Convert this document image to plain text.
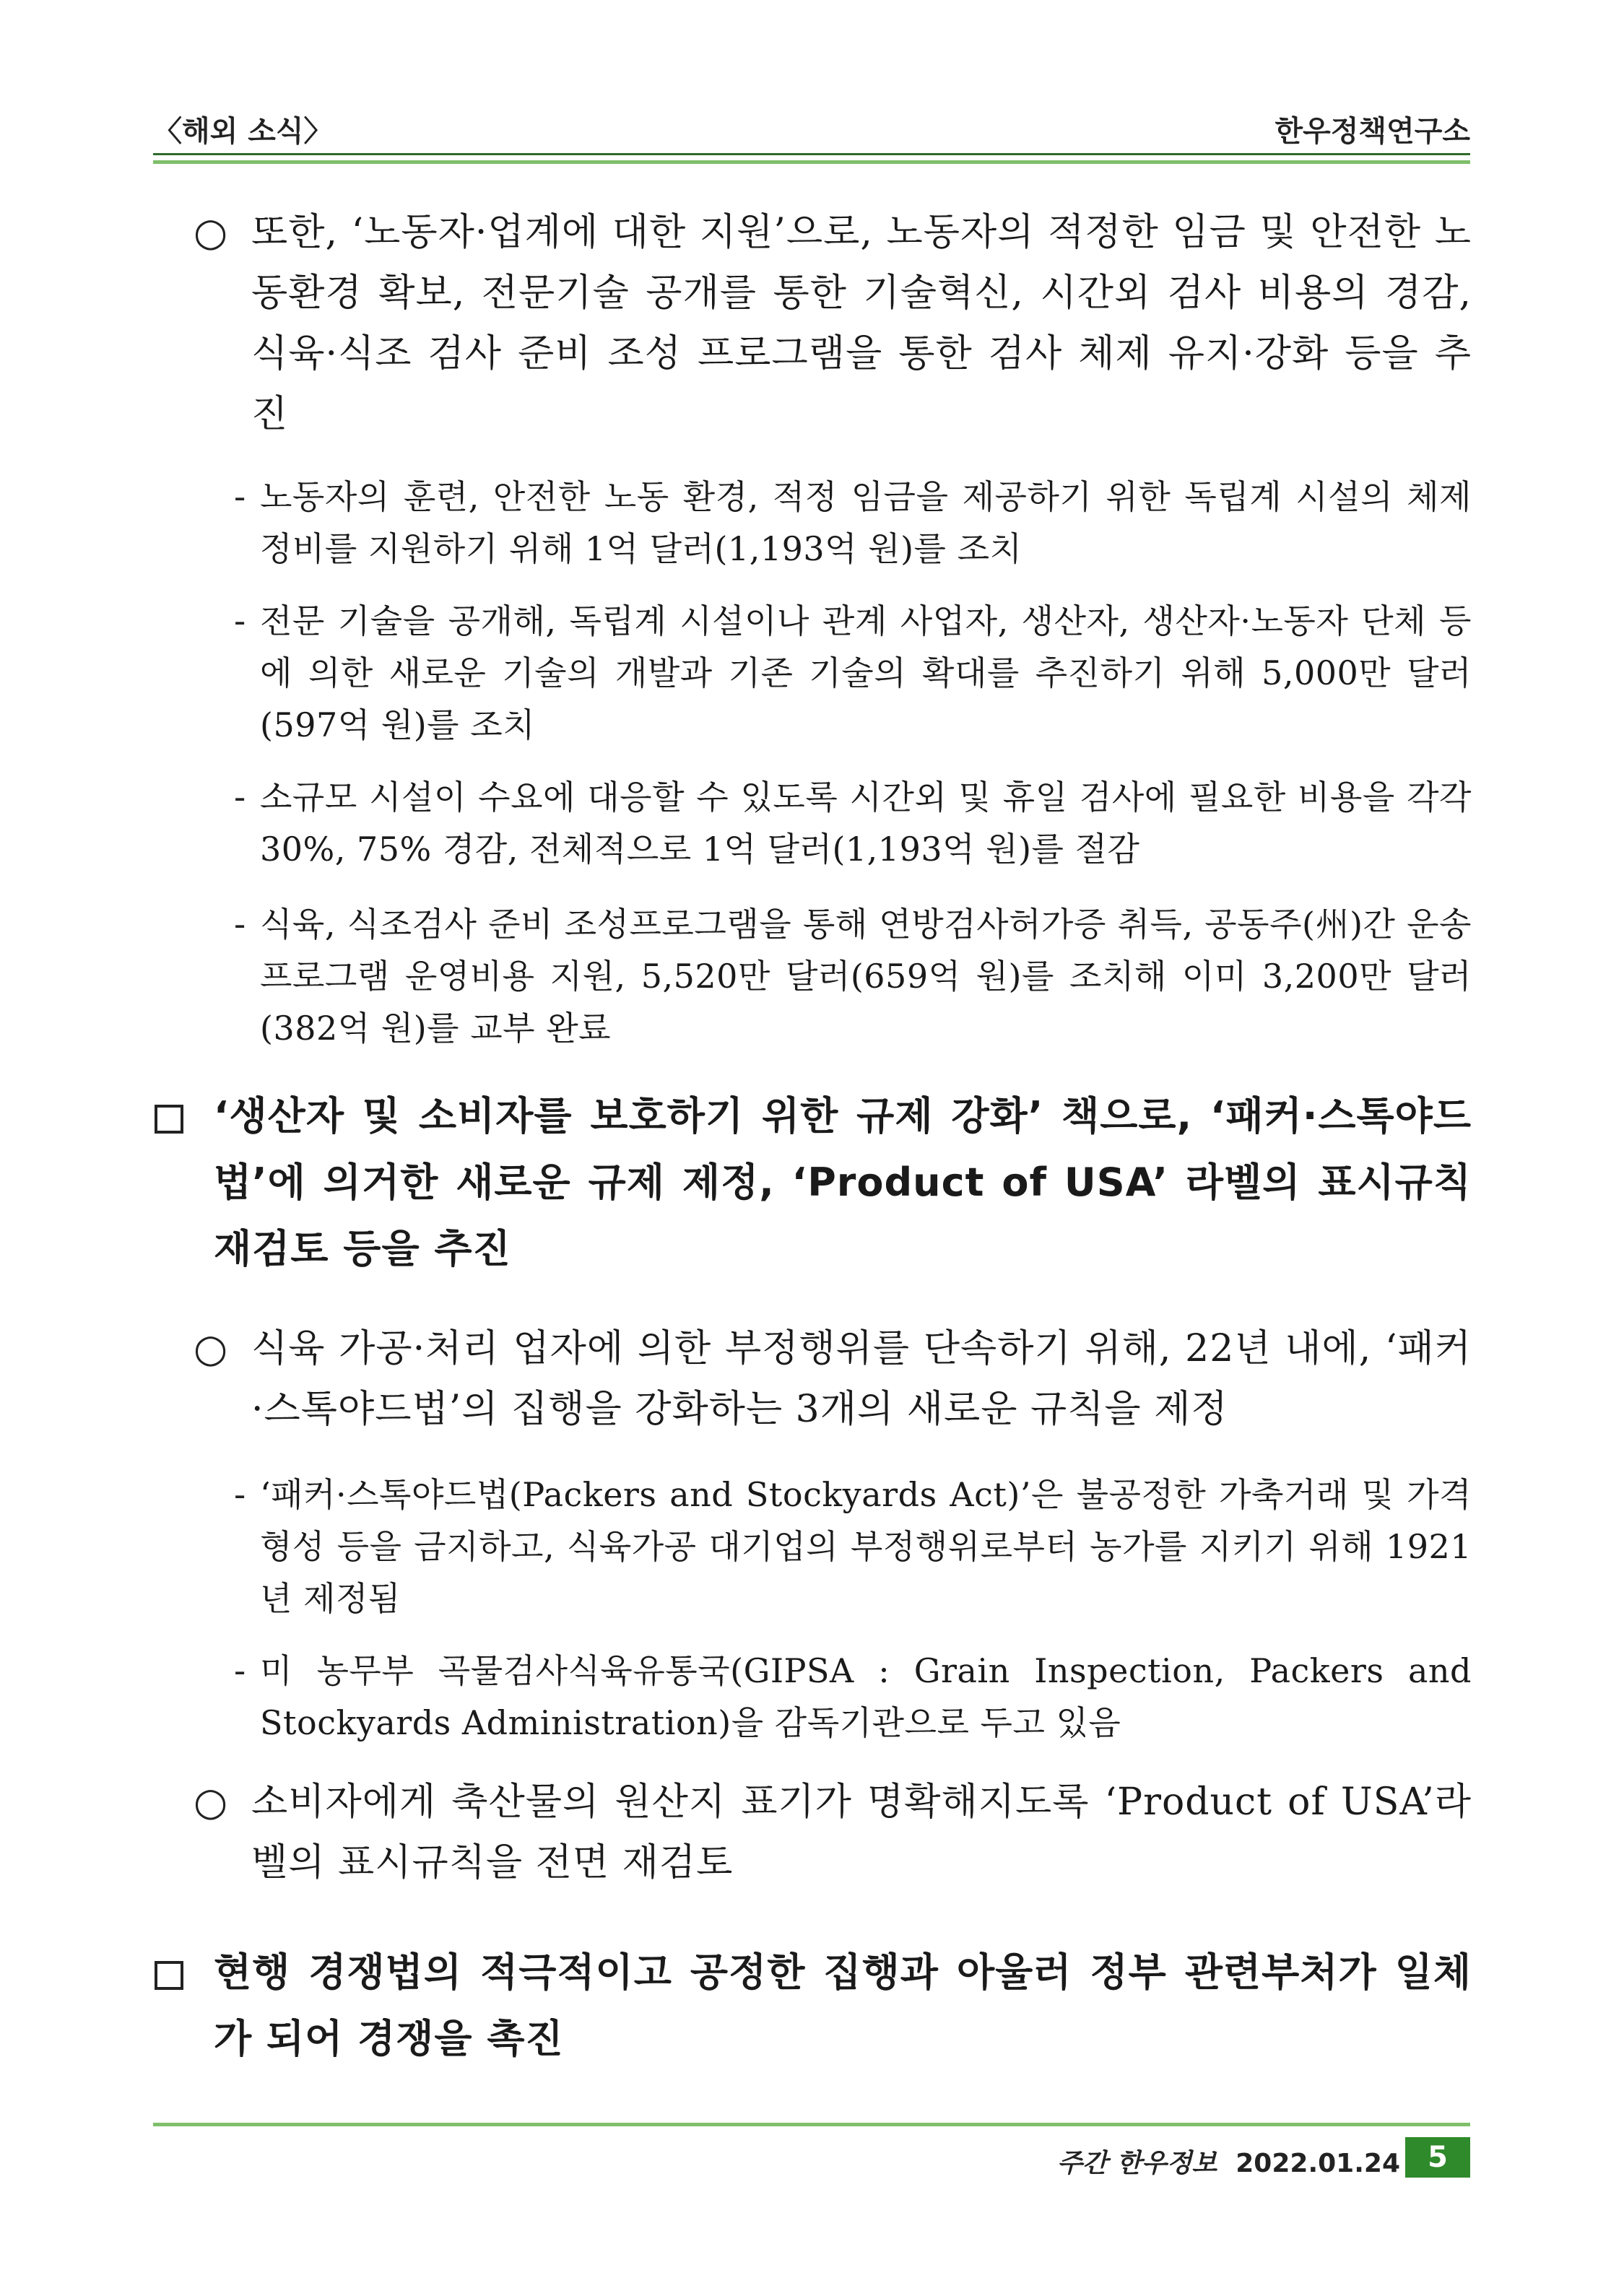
〈해외 소식〉	한우정책연구소
○ 또한, ‘노동자·업계에 대한 지원’으로, 노동자의 적정한 임금 및 안전한 노동환경 확보, 전문기술 공개를 통한 기술혁신, 시간외 검사 비용의 경감, 식육·식조 검사 준비 조성 프로그램을 통한 검사 체제 유지·강화 등을 추진
- 노동자의 훈련, 안전한 노동 환경, 적정 임금을 제공하기 위한 독립계 시설의 체제 정비를 지원하기 위해 1억 달러(1,193억 원)를 조치
- 전문 기술을 공개해, 독립계 시설이나 관계 사업자, 생산자, 생산자·노동자 단체 등에 의한 새로운 기술의 개발과 기존 기술의 확대를 추진하기 위해 5,000만 달러(597억 원)를 조치
- 소규모 시설이 수요에 대응할 수 있도록 시간외 및 휴일 검사에 필요한 비용을 각각 30%, 75% 경감, 전체적으로 1억 달러(1,193억 원)를 절감
- 식육, 식조검사 준비 조성프로그램을 통해 연방검사허가증 취득, 공동주(州)간 운송프로그램 운영비용 지원, 5,520만 달러(659억 원)를 조치해 이미 3,200만 달러(382억 원)를 교부 완료
‘생산자 및 소비자를 보호하기 위한 규제 강화’ 책으로, ‘패커·스톡야드법’에 의거한 새로운 규제 제정, ‘Product of USA’ 라벨의 표시규칙 재검토 등을 추진
○ 식육 가공·처리 업자에 의한 부정행위를 단속하기 위해, 22년 내에, ‘패커·스톡야드법’의 집행을 강화하는 3개의 새로운 규칙을 제정
- ‘패커·스톡야드법(Packers and Stockyards Act)’은 불공정한 가축거래 및 가격형성 등을 금지하고, 식육가공 대기업의 부정행위로부터 농가를 지키기 위해 1921년 제정됨
- 미 농무부 곡물검사식육유통국(GIPSA : Grain Inspection, Packers and Stockyards Administration)을 감독기관으로 두고 있음
○ 소비자에게 축산물의 원산지 표기가 명확해지도록 ‘Product of USA’라벨의 표시규칙을 전면 재검토
현행 경쟁법의 적극적이고 공정한 집행과 아울러 정부 관련부처가 일체가 되어 경쟁을 촉진
주간 한우정보 2022.01.24 5
